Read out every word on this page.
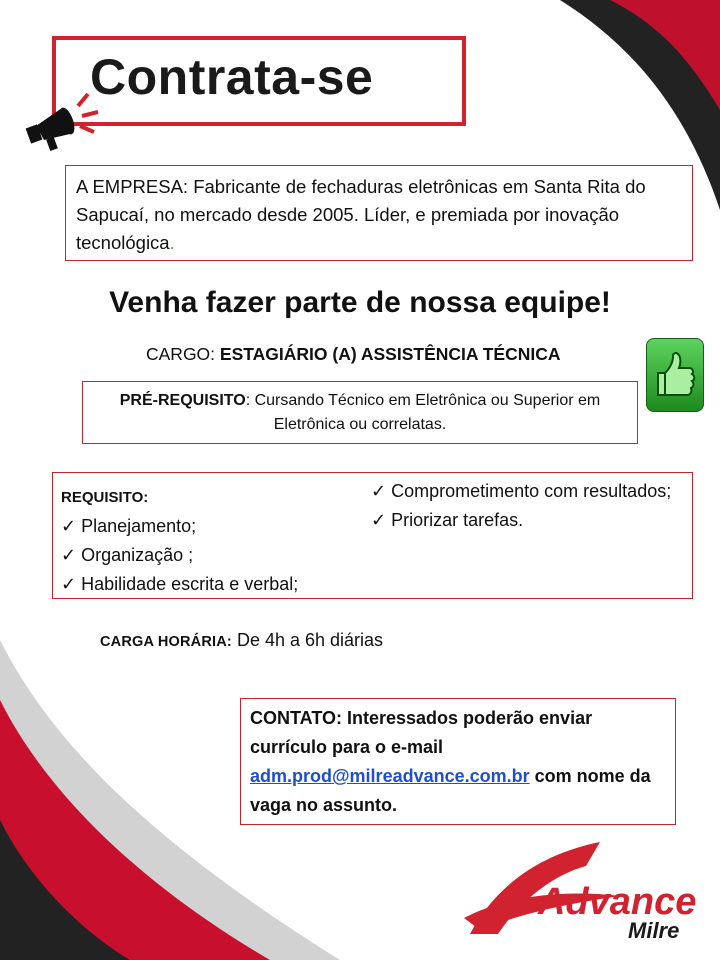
Contrata-se
A EMPRESA: Fabricante de fechaduras eletrônicas em Santa Rita do Sapucaí, no mercado desde 2005. Líder, e premiada por inovação tecnológica.
Venha fazer parte de nossa equipe!
CARGO: ESTAGIÁRIO (A) ASSISTÊNCIA TÉCNICA
PRÉ-REQUISITO: Cursando Técnico em Eletrônica ou Superior em Eletrônica ou correlatas.
REQUISITO:
✓ Planejamento;
✓ Organização ;
✓ Habilidade escrita e verbal;
✓ Comprometimento com resultados;
✓ Priorizar tarefas.
CARGA HORÁRIA: De 4h a 6h diárias
CONTATO: Interessados poderão enviar currículo para o e-mail adm.prod@milreadvance.com.br com nome da vaga no assunto.
Advance
Milre
